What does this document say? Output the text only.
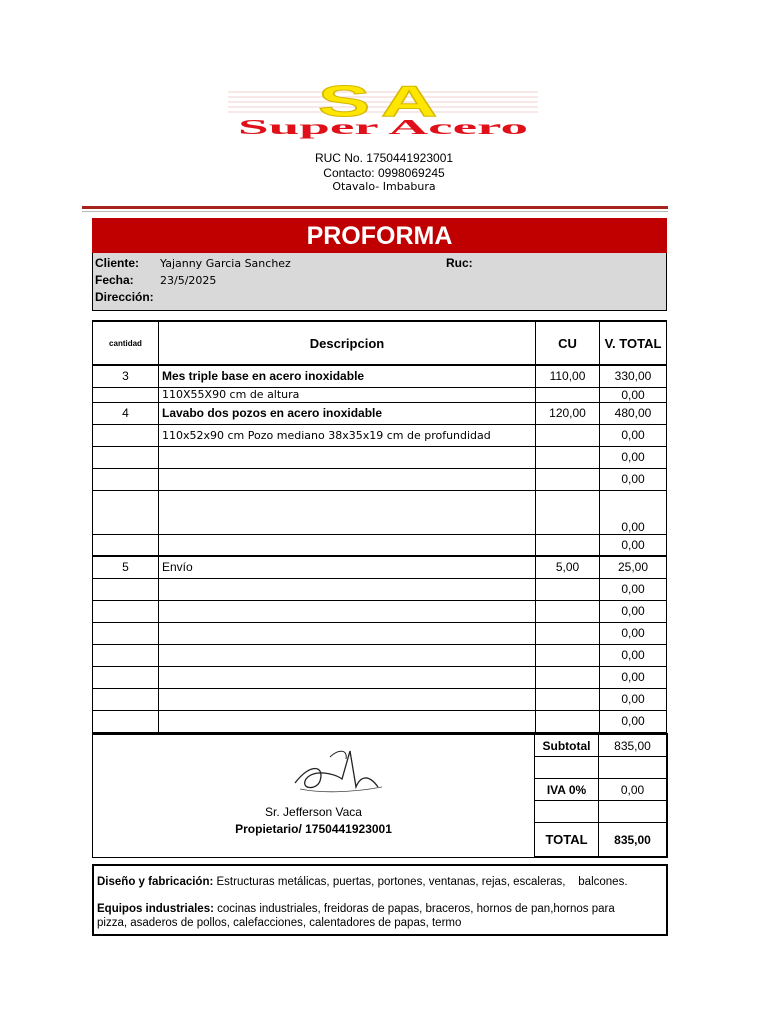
SA
Super Acero
RUC No. 1750441923001
Contacto: 0998069245
Otavalo- Imbabura
PROFORMA
Cliente: Yajanny Garcia Sanchez	Ruc:
Fecha: 23/5/2025
Dirección:
cantidad	Descripcion	CU	V. TOTAL
3	Mes triple base en acero inoxidable	110,00	330,00
	110X55X90 cm de altura		0,00
4	Lavabo dos pozos en acero inoxidable	120,00	480,00
	110x52x90 cm Pozo mediano 38x35x19 cm de profundidad		0,00
			0,00
			0,00
			0,00
			0,00
5	Envío	5,00	25,00
			0,00
			0,00
			0,00
			0,00
			0,00
			0,00
			0,00
Sr. Jefferson Vaca
Propietario/ 1750441923001
Subtotal	835,00

IVA 0%	0,00

TOTAL	835,00
Diseño y fabricación: Estructuras metálicas, puertas, portones, ventanas, rejas, escaleras,    balcones.
Equipos industriales: cocinas industriales, freidoras de papas, braceros, hornos de pan,hornos para
pizza, asaderos de pollos, calefacciones, calentadores de papas, termo
